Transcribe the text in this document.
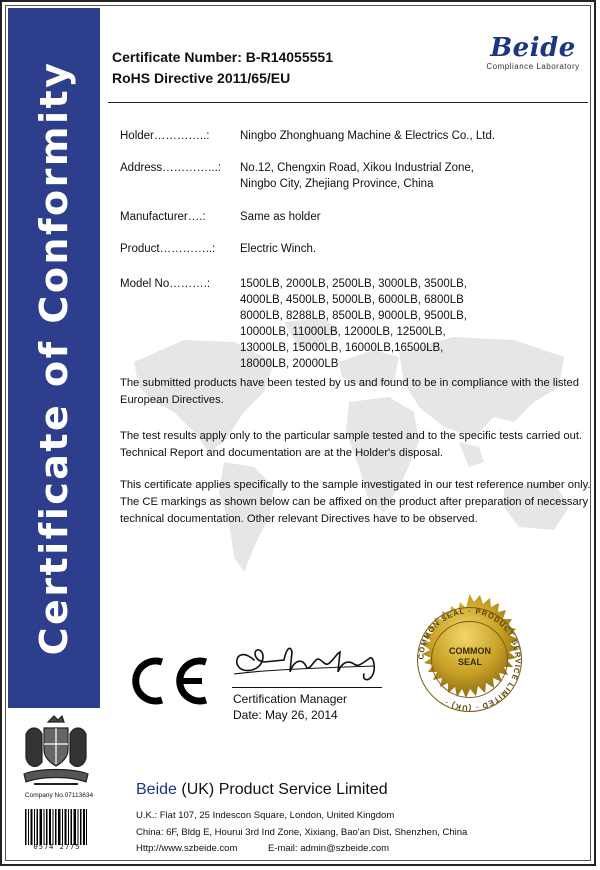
Certificate of Conformity
Certificate Number: B-R14055551
RoHS Directive 2011/65/EU
Beide
Compliance Laboratory
Holder…………..:	Ningbo Zhonghuang Machine & Electrics Co., Ltd.
Address…………...:	No.12, Chengxin Road, Xikou Industrial Zone,
Ningbo City, Zhejiang Province, China
Manufacturer….:	Same as holder
Product…………..:	Electric Winch.
Model No……….:	1500LB, 2000LB, 2500LB, 3000LB, 3500LB,
4000LB, 4500LB, 5000LB, 6000LB, 6800LB
8000LB, 8288LB, 8500LB, 9000LB, 9500LB,
10000LB, 11000LB, 12000LB, 12500LB,
13000LB, 15000LB, 16000LB,16500LB,
18000LB, 20000LB
The submitted products have been tested by us and found to be in compliance with the listed
European Directives.
The test results apply only to the particular sample tested and to the specific tests carried out.
Technical Report and documentation are at the Holder's disposal.
This certificate applies specifically to the sample investigated in our test reference number only.
The CE markings as shown below can be affixed on the product after preparation of necessary
technical documentation. Other relevant Directives have to be observed.
Certification Manager
Date: May 26, 2014
COMMON SEAL · PRODUCT SERVICE LIMITED · (UK) ·
COMMON
SEAL
Company No.07113634
0574 2775
Beide (UK) Product Service Limited
U.K.: Flat 107, 25 Indescon Square, London, United Kingdom
China: 6F, Bldg E, Hourui 3rd Ind Zone, Xixiang, Bao'an Dist, Shenzhen, China
Http://www.szbeide.com	E-mail: admin@szbeide.com
